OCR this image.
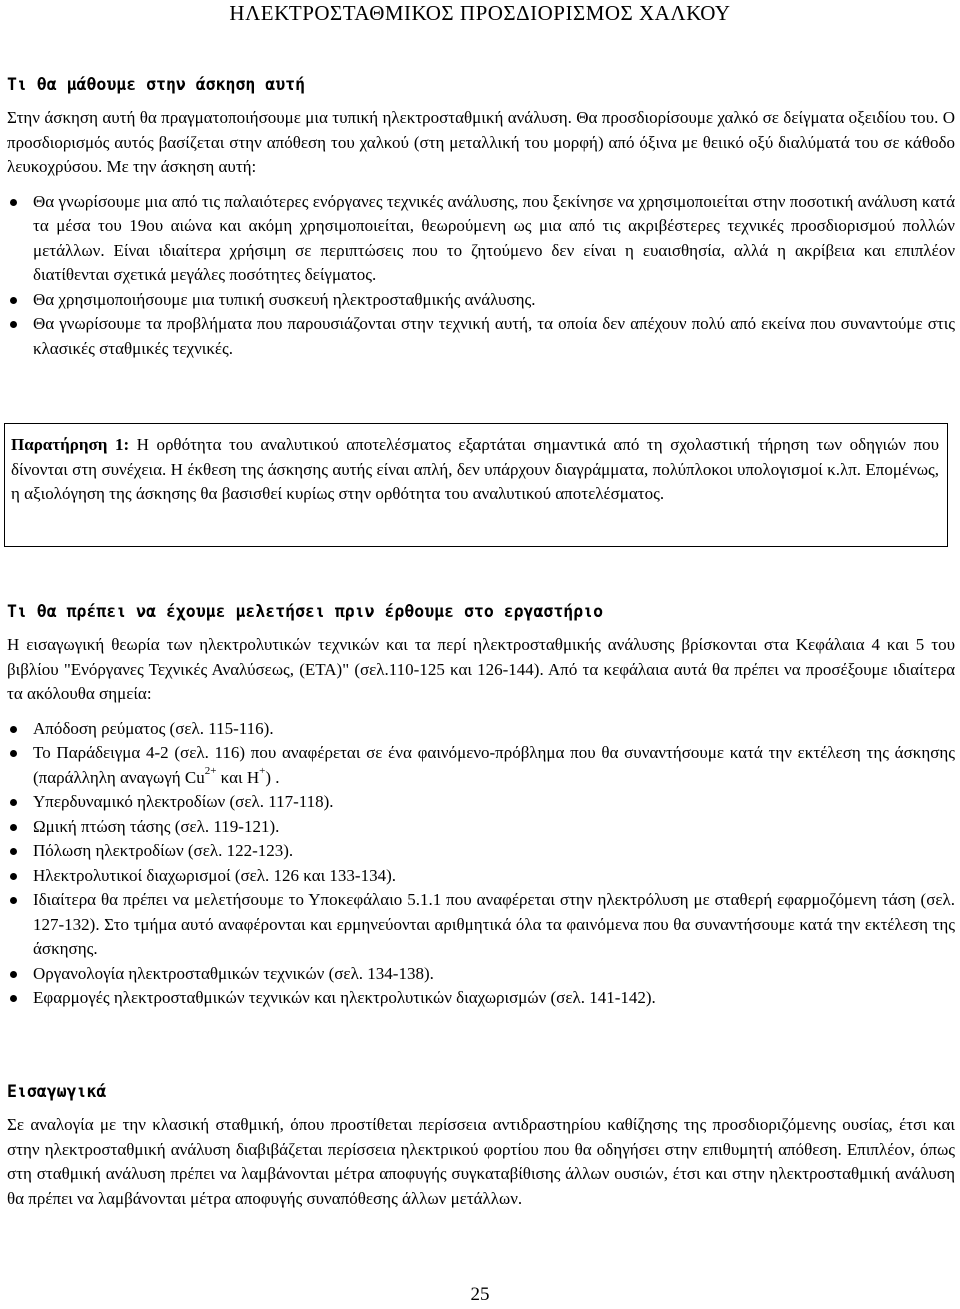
ΗΛΕΚΤΡΟΣΤΑΘΜΙΚΟΣ ΠΡΟΣΔΙΟΡΙΣΜΟΣ ΧΑΛΚΟΥ
Τι θα μάθουμε στην άσκηση αυτή

Στην άσκηση αυτή θα πραγματοποιήσουμε μια τυπική ηλεκτροσταθμική ανάλυση. Θα προσδιορίσουμε χαλκό σε δείγματα οξειδίου του. Ο προσδιορισμός αυτός βασίζεται στην απόθεση του χαλκού (στη μεταλλική του μορφή) από όξινα με θειικό οξύ διαλύματά του σε κάθοδο λευκοχρύσου. Με την άσκηση αυτή:

Θα γνωρίσουμε μια από τις παλαιότερες ενόργανες τεχνικές ανάλυσης, που ξεκίνησε να χρησιμοποιείται στην ποσοτική ανάλυση κατά τα μέσα του 19ου αιώνα και ακόμη χρησιμοποιείται, θεωρούμενη ως μια από τις ακριβέστερες τεχνικές προσδιορισμού πολλών μετάλλων. Είναι ιδιαίτερα χρήσιμη σε περιπτώσεις που το ζητούμενο δεν είναι η ευαισθησία, αλλά η ακρίβεια και επιπλέον διατίθενται σχετικά μεγάλες ποσότητες δείγματος.
Θα χρησιμοποιήσουμε μια τυπική συσκευή ηλεκτροσταθμικής ανάλυσης.
Θα γνωρίσουμε τα προβλήματα που παρουσιάζονται στην τεχνική αυτή, τα οποία δεν απέχουν πολύ από εκείνα που συναντούμε στις κλασικές σταθμικές τεχνικές.

Παρατήρηση 1: Η ορθότητα του αναλυτικού αποτελέσματος εξαρτάται σημαντικά από τη σχολαστική τήρηση των οδηγιών που δίνονται στη συνέχεια. Η έκθεση της άσκησης αυτής είναι απλή, δεν υπάρχουν διαγράμματα, πολύπλοκοι υπολογισμοί κ.λπ. Επομένως, η αξιολόγηση της άσκησης θα βασισθεί κυρίως στην ορθότητα του αναλυτικού αποτελέσματος.

Τι θα πρέπει να έχουμε μελετήσει πριν έρθουμε στο εργαστήριο

Η εισαγωγική θεωρία των ηλεκτρολυτικών τεχνικών και τα περί ηλεκτροσταθμικής ανάλυσης βρίσκονται στα Κεφάλαια 4 και 5 του βιβλίου "Ενόργανες Τεχνικές Αναλύσεως, (ΕΤΑ)" (σελ.110-125 και 126-144). Από τα κεφάλαια αυτά θα πρέπει να προσέξουμε ιδιαίτερα τα ακόλουθα σημεία:

Απόδοση ρεύματος (σελ. 115-116).
Το Παράδειγμα 4-2 (σελ. 116) που αναφέρεται σε ένα φαινόμενο-πρόβλημα που θα συναντήσουμε κατά την εκτέλεση της άσκησης (παράλληλη αναγωγή $Cu^{2+}$ και H+) .
Υπερδυναμικό ηλεκτροδίων (σελ. 117-118).
Ωμική πτώση τάσης (σελ. 119-121).
Πόλωση ηλεκτροδίων (σελ. 122-123).
Ηλεκτρολυτικοί διαχωρισμοί (σελ. 126 και 133-134).
Ιδιαίτερα θα πρέπει να μελετήσουμε το Υποκεφάλαιο 5.1.1 που αναφέρεται στην ηλεκτρόλυση με σταθερή εφαρμοζόμενη τάση (σελ. 127-132). Στο τμήμα αυτό αναφέρονται και ερμηνεύονται αριθμητικά όλα τα φαινόμενα που θα συναντήσουμε κατά την εκτέλεση της άσκησης.
Οργανολογία ηλεκτροσταθμικών τεχνικών (σελ. 134-138).
Εφαρμογές ηλεκτροσταθμικών τεχνικών και ηλεκτρολυτικών διαχωρισμών (σελ. 141-142).
Εισαγωγικά

Σε αναλογία με την κλασική σταθμική, όπου προστίθεται περίσσεια αντιδραστηρίου καθίζησης της προσδιοριζόμενης ουσίας, έτσι και στην ηλεκτροσταθμική ανάλυση διαβιβάζεται περίσσεια ηλεκτρικού φορτίου που θα οδηγήσει στην επιθυμητή απόθεση. Επιπλέον, όπως στη σταθμική ανάλυση πρέπει να λαμβάνονται μέτρα αποφυγής συγκαταβίθισης άλλων ουσιών, έτσι και στην ηλεκτροσταθμική ανάλυση θα πρέπει να λαμβάνονται μέτρα αποφυγής συναπόθεσης άλλων μετάλλων.

25
